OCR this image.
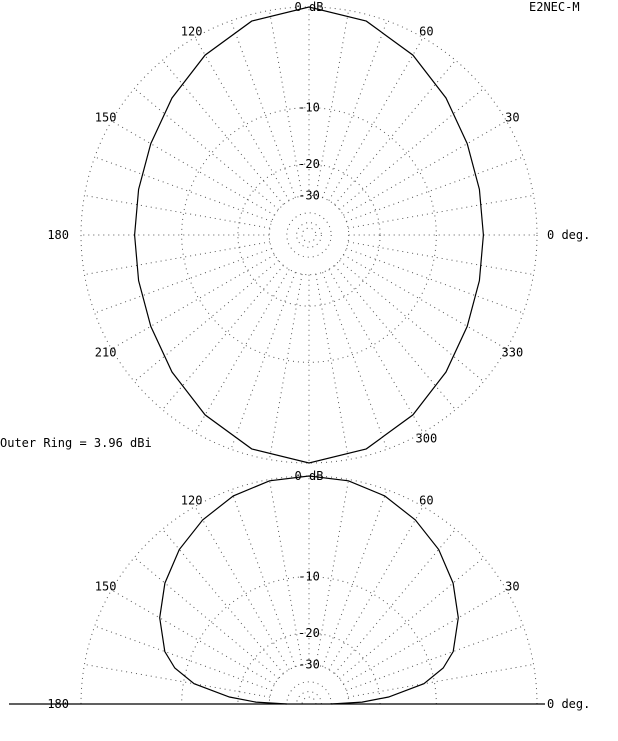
E2NEC-M
0 deg.
30
60
120
150
180
210
300
330
0 dB
-10
-20
-30
Outer Ring = 3.96 dBi
0 deg.
30
60
120
150
180
0 dB
-10
-20
-30
